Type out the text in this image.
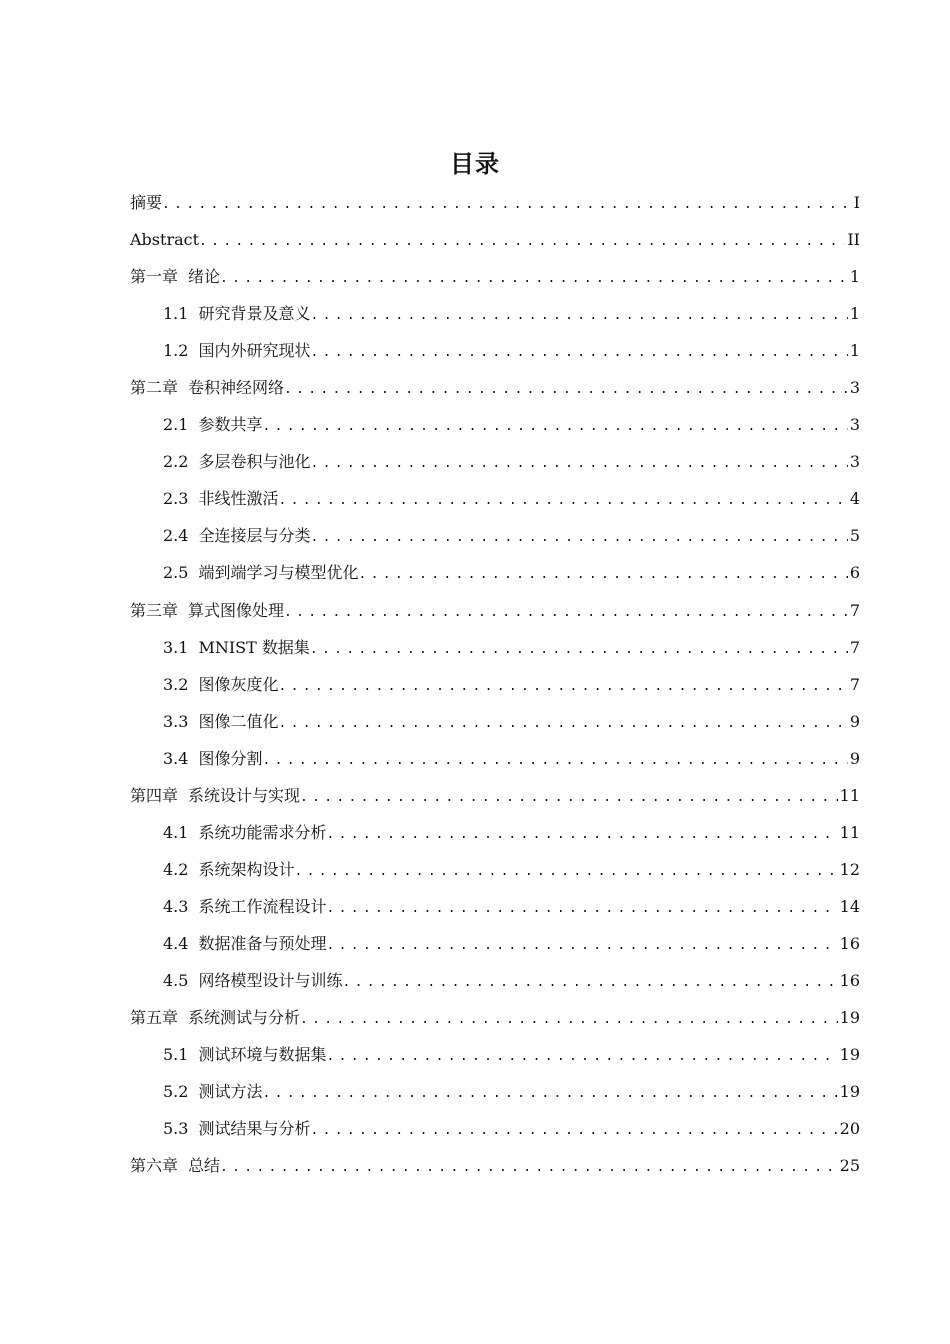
目录
摘要 .....	I
Abstract .....	II
第一章 绪论 .....	1
1.1 研究背景及意义 .....	1
1.2 国内外研究现状 .....	1
第二章 卷积神经网络 .....	3
2.1 参数共享 .....	3
2.2 多层卷积与池化 .....	3
2.3 非线性激活 .....	4
2.4 全连接层与分类 .....	5
2.5 端到端学习与模型优化 .....	6
第三章 算式图像处理 .....	7
3.1 MNIST 数据集 .....	7
3.2 图像灰度化 .....	7
3.3 图像二值化 .....	9
3.4 图像分割 .....	9
第四章 系统设计与实现 .....	11
4.1 系统功能需求分析 .....	11
4.2 系统架构设计 .....	12
4.3 系统工作流程设计 .....	14
4.4 数据准备与预处理 .....	16
4.5 网络模型设计与训练 .....	16
第五章 系统测试与分析 .....	19
5.1 测试环境与数据集 .....	19
5.2 测试方法 .....	19
5.3 测试结果与分析 .....	20
第六章 总结 .....	25
